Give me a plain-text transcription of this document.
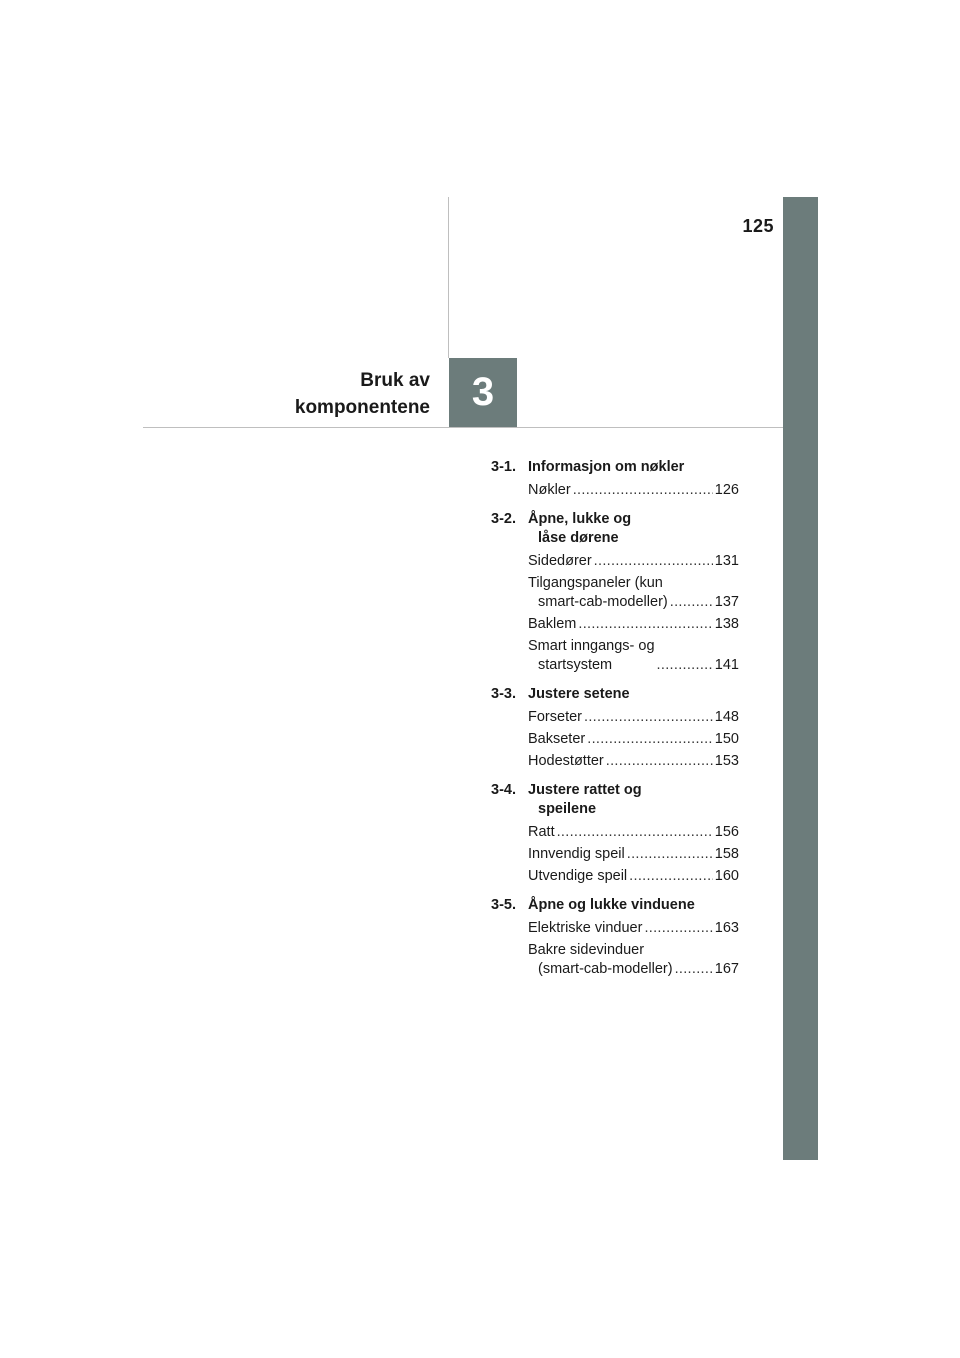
125
3
Bruk av
komponentene
3-1. Informasjon om nøkler
Nøkler .....	126
3-2. Åpne, lukke og
låse dørene
Sidedører .....	131
Tilgangspaneler (kun
smart-cab-modeller) .....	137
Baklem .....	138
Smart inngangs- og
startsystem .....	141
3-3. Justere setene
Forseter .....	148
Bakseter .....	150
Hodestøtter .....	153
3-4. Justere rattet og
speilene
Ratt .....	156
Innvendig speil .....	158
Utvendige speil .....	160
3-5. Åpne og lukke vinduene
Elektriske vinduer .....	163
Bakre sidevinduer
(smart-cab-modeller) .....	167
